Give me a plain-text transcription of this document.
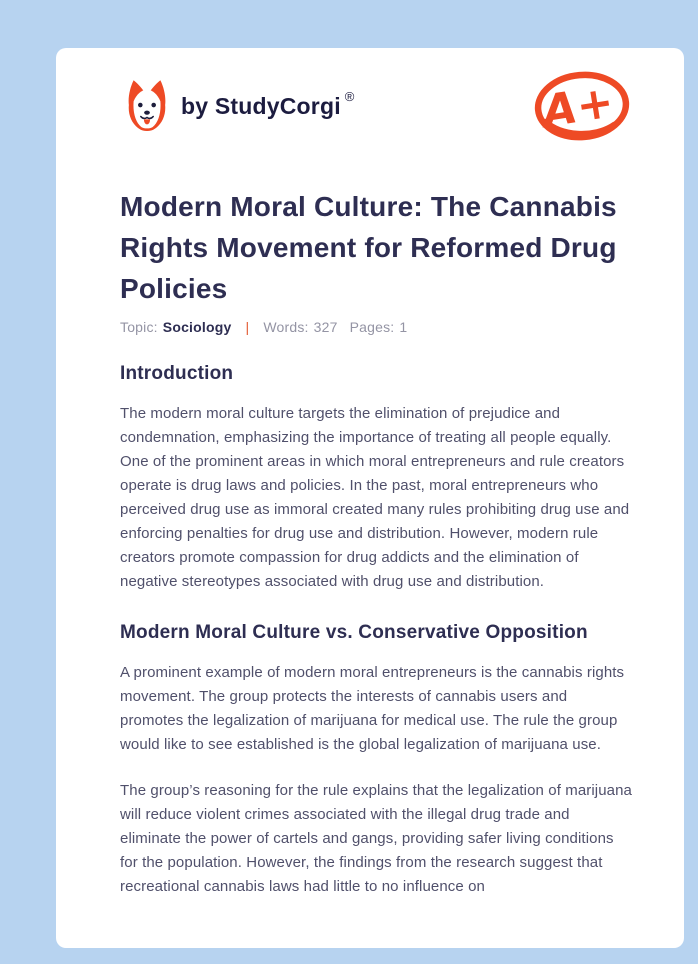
by StudyCorgi ®	A+
Modern Moral Culture: The Cannabis Rights Movement for Reformed Drug Policies
Topic: Sociology | Words: 327 Pages: 1
Introduction

The modern moral culture targets the elimination of prejudice and condemnation, emphasizing the importance of treating all people equally. One of the prominent areas in which moral entrepreneurs and rule creators operate is drug laws and policies. In the past, moral entrepreneurs who perceived drug use as immoral created many rules prohibiting drug use and enforcing penalties for drug use and distribution. However, modern rule creators promote compassion for drug addicts and the elimination of negative stereotypes associated with drug use and distribution.

Modern Moral Culture vs. Conservative Opposition

A prominent example of modern moral entrepreneurs is the cannabis rights movement. The group protects the interests of cannabis users and promotes the legalization of marijuana for medical use. The rule the group would like to see established is the global legalization of marijuana use.

The group’s reasoning for the rule explains that the legalization of marijuana will reduce violent crimes associated with the illegal drug trade and eliminate the power of cartels and gangs, providing safer living conditions for the population. However, the findings from the research suggest that recreational cannabis laws had little to no influence on
